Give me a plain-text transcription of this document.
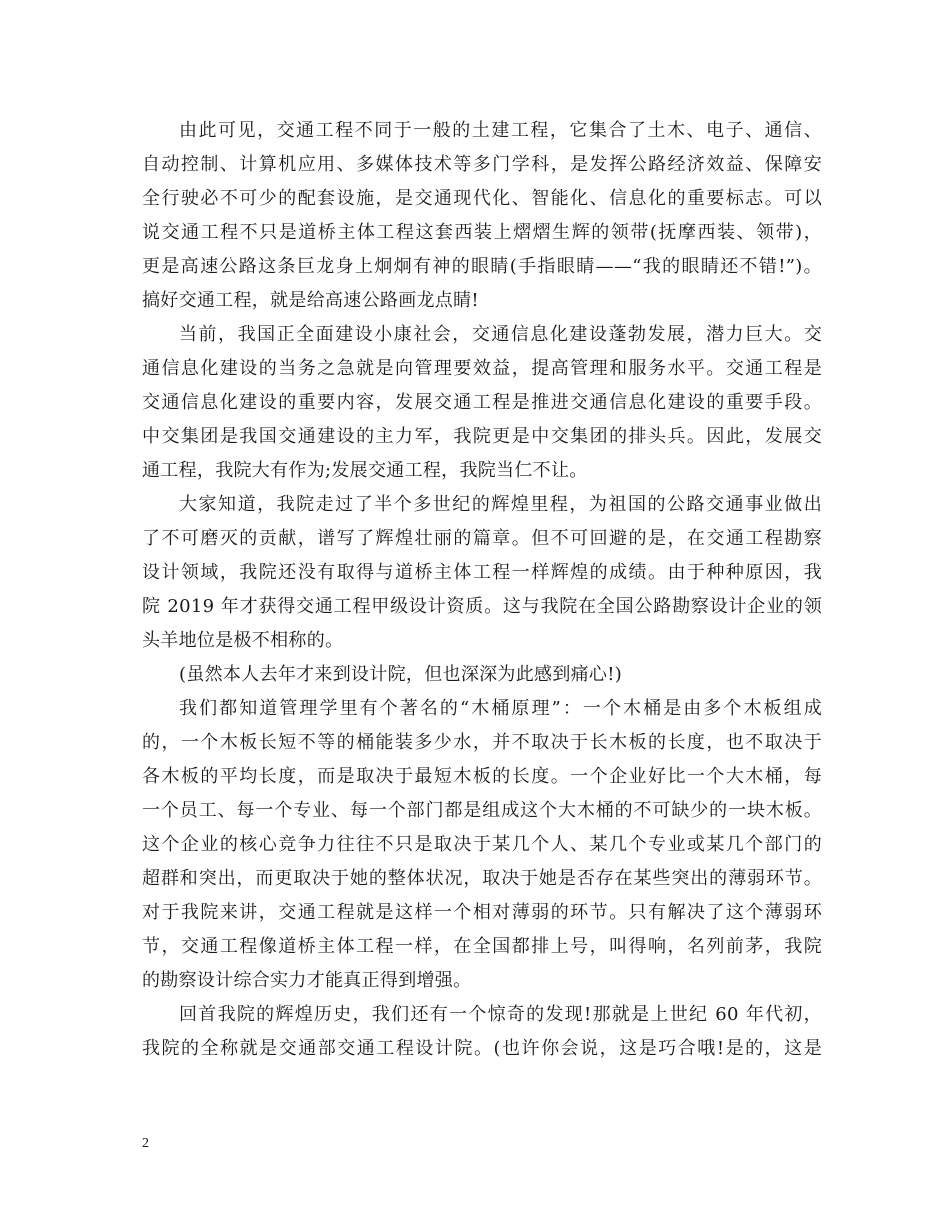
由此可见，交通工程不同于一般的土建工程，它集合了土木、电子、通信、
自动控制、计算机应用、多媒体技术等多门学科，是发挥公路经济效益、保障安
全行驶必不可少的配套设施，是交通现代化、智能化、信息化的重要标志。可以
说交通工程不只是道桥主体工程这套西装上熠熠生辉的领带(抚摩西装、领带)，
更是高速公路这条巨龙身上炯炯有神的眼睛(手指眼睛——“我的眼睛还不错!”)。
搞好交通工程，就是给高速公路画龙点睛!
当前，我国正全面建设小康社会，交通信息化建设蓬勃发展，潜力巨大。交
通信息化建设的当务之急就是向管理要效益，提高管理和服务水平。交通工程是
交通信息化建设的重要内容，发展交通工程是推进交通信息化建设的重要手段。
中交集团是我国交通建设的主力军，我院更是中交集团的排头兵。因此，发展交
通工程，我院大有作为;发展交通工程，我院当仁不让。
大家知道，我院走过了半个多世纪的辉煌里程，为祖国的公路交通事业做出
了不可磨灭的贡献，谱写了辉煌壮丽的篇章。但不可回避的是，在交通工程勘察
设计领域，我院还没有取得与道桥主体工程一样辉煌的成绩。由于种种原因，我
院 2019 年才获得交通工程甲级设计资质。这与我院在全国公路勘察设计企业的领
头羊地位是极不相称的。
(虽然本人去年才来到设计院，但也深深为此感到痛心!)
我们都知道管理学里有个著名的“木桶原理”：一个木桶是由多个木板组成
的，一个木板长短不等的桶能装多少水，并不取决于长木板的长度，也不取决于
各木板的平均长度，而是取决于最短木板的长度。一个企业好比一个大木桶，每
一个员工、每一个专业、每一个部门都是组成这个大木桶的不可缺少的一块木板。
这个企业的核心竞争力往往不只是取决于某几个人、某几个专业或某几个部门的
超群和突出，而更取决于她的整体状况，取决于她是否存在某些突出的薄弱环节。
对于我院来讲，交通工程就是这样一个相对薄弱的环节。只有解决了这个薄弱环
节，交通工程像道桥主体工程一样，在全国都排上号，叫得响，名列前茅，我院
的勘察设计综合实力才能真正得到增强。
回首我院的辉煌历史，我们还有一个惊奇的发现!那就是上世纪 60 年代初，
我院的全称就是交通部交通工程设计院。(也许你会说，这是巧合哦!是的，这是
2
